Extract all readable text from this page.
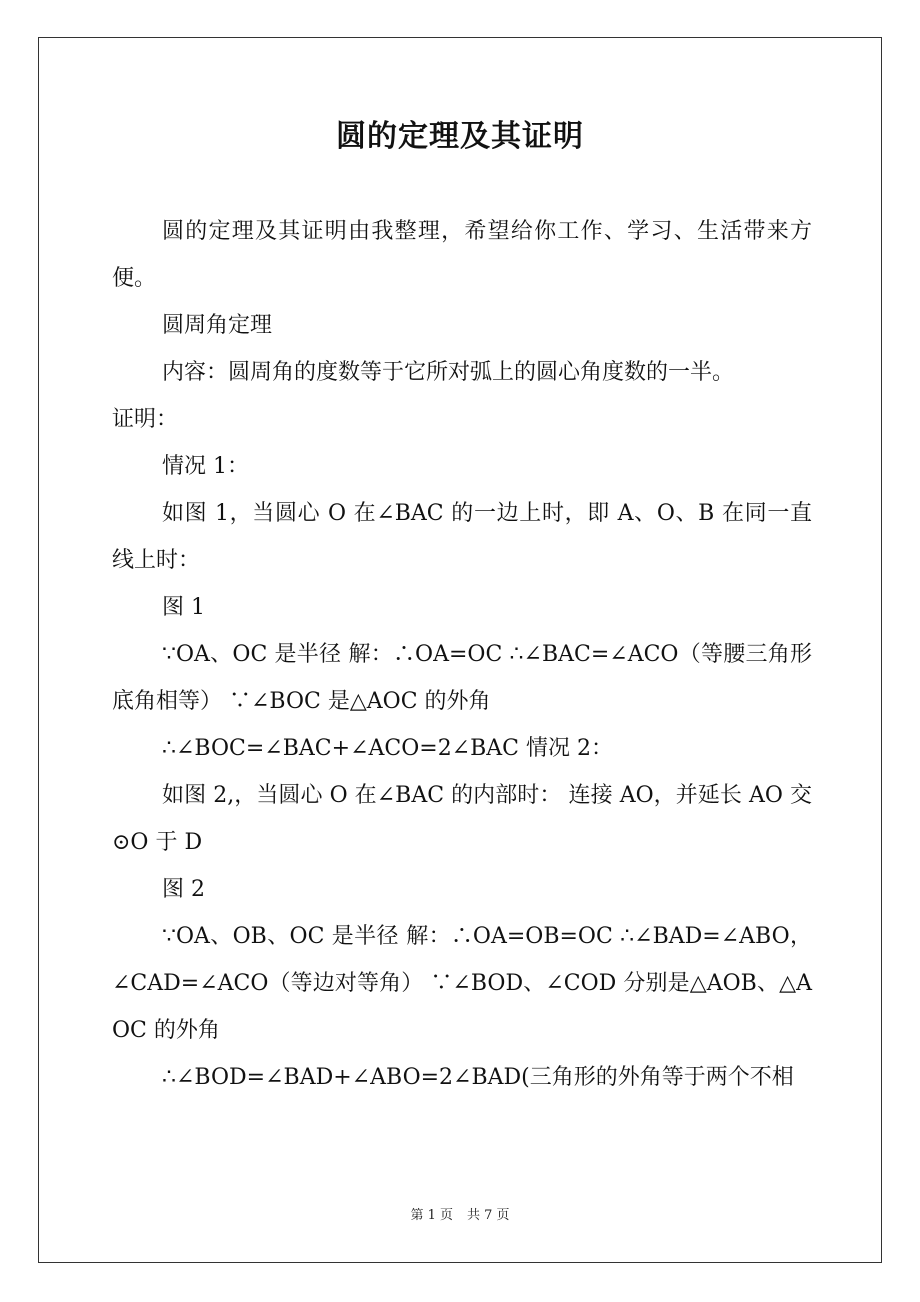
圆的定理及其证明

圆的定理及其证明由我整理，希望给你工作、学习、生活带来方便。

圆周角定理

内容：圆周角的度数等于它所对弧上的圆心角度数的一半。

证明：

情况 1：

如图 1，当圆心 O 在∠BAC 的一边上时，即 A、O、B 在同一直线上时：

图 1

∵OA、OC 是半径 解：∴OA=OC ∴∠BAC=∠ACO（等腰三角形底角相等） ∵∠BOC 是△AOC 的外角

∴∠BOC=∠BAC+∠ACO=2∠BAC 情况 2：

如图 2,，当圆心 O 在∠BAC 的内部时： 连接 AO，并延长 AO 交⊙O 于 D

图 2

∵OA、OB、OC 是半径 解：∴OA=OB=OC ∴∠BAD=∠ABO，∠CAD=∠ACO（等边对等角） ∵∠BOD、∠COD 分别是△AOB、△AOC 的外角

∴∠BOD=∠BAD+∠ABO=2∠BAD(三角形的外角等于两个不相

第 1 页 共 7 页
